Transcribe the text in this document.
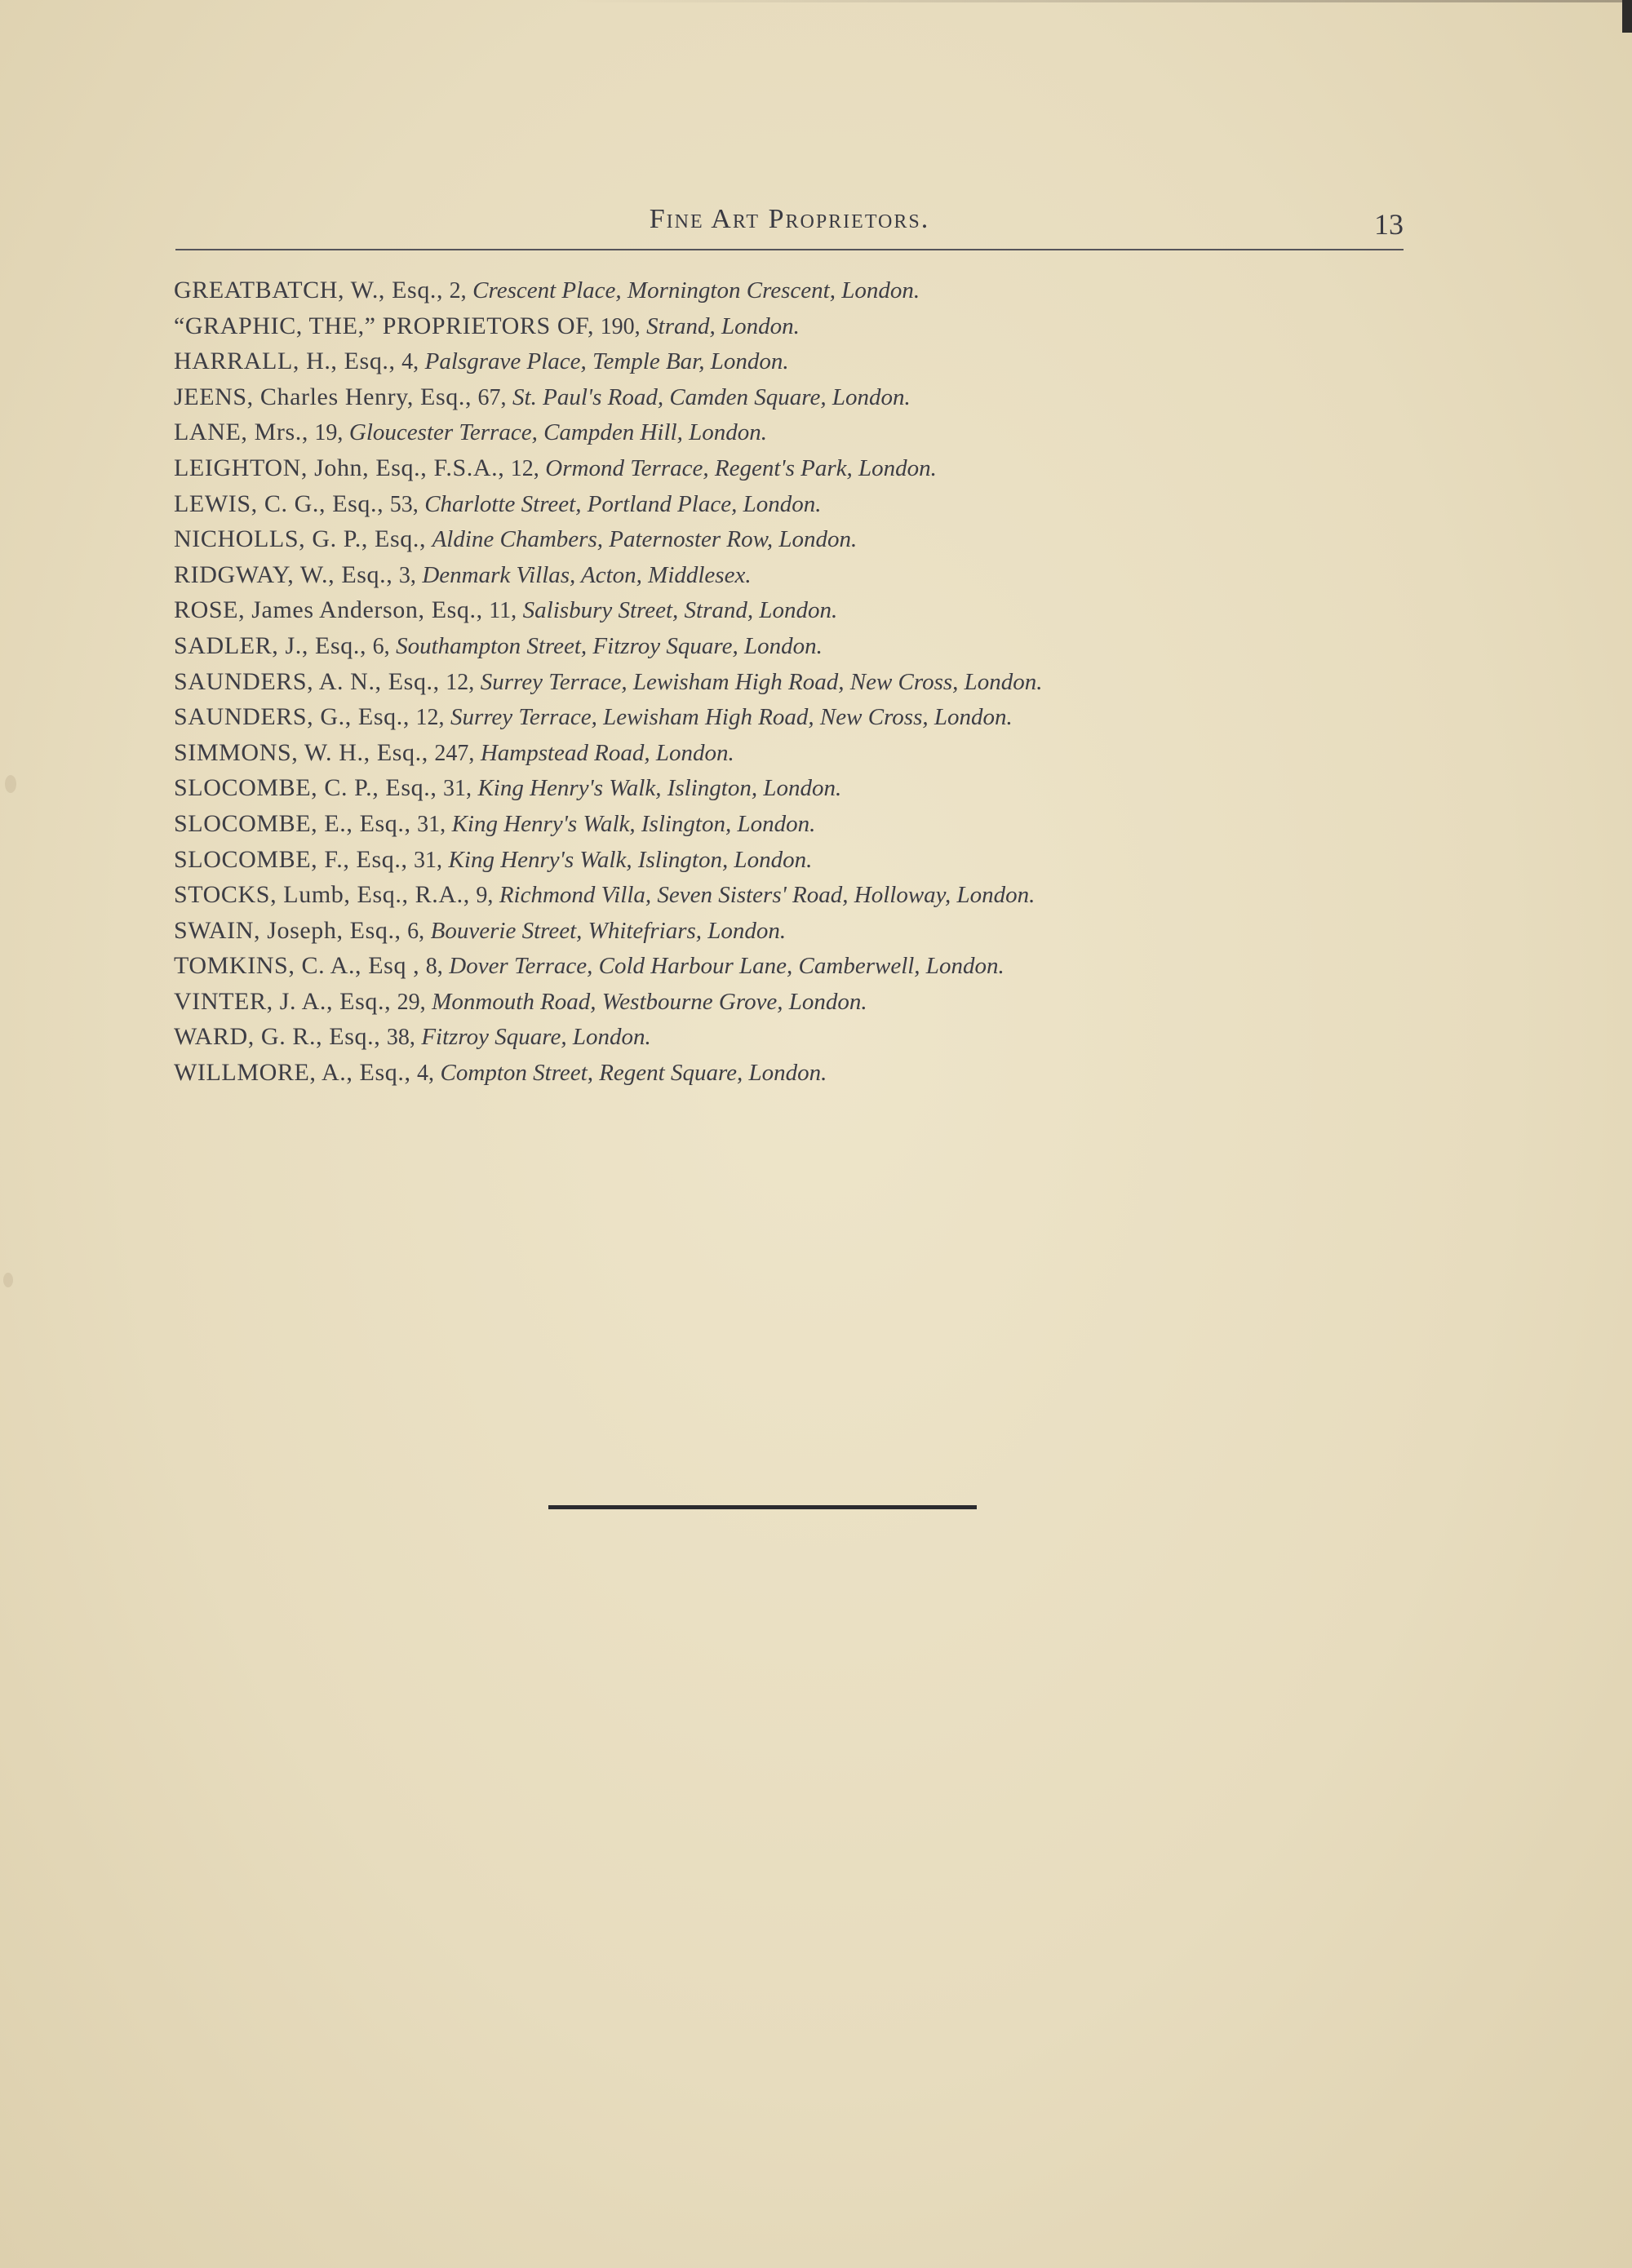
Fine Art Proprietors.	13
GREATBATCH, W., Esq., 2, Crescent Place, Mornington Crescent, London.
“GRAPHIC, THE,” PROPRIETORS OF, 190, Strand, London.
HARRALL, H., Esq., 4, Palsgrave Place, Temple Bar, London.
JEENS, Charles Henry, Esq., 67, St. Paul's Road, Camden Square, London.
LANE, Mrs., 19, Gloucester Terrace, Campden Hill, London.
LEIGHTON, John, Esq., F.S.A., 12, Ormond Terrace, Regent's Park, London.
LEWIS, C. G., Esq., 53, Charlotte Street, Portland Place, London.
NICHOLLS, G. P., Esq., Aldine Chambers, Paternoster Row, London.
RIDGWAY, W., Esq., 3, Denmark Villas, Acton, Middlesex.
ROSE, James Anderson, Esq., 11, Salisbury Street, Strand, London.
SADLER, J., Esq., 6, Southampton Street, Fitzroy Square, London.
SAUNDERS, A. N., Esq., 12, Surrey Terrace, Lewisham High Road, New Cross, London.
SAUNDERS, G., Esq., 12, Surrey Terrace, Lewisham High Road, New Cross, London.
SIMMONS, W. H., Esq., 247, Hampstead Road, London.
SLOCOMBE, C. P., Esq., 31, King Henry's Walk, Islington, London.
SLOCOMBE, E., Esq., 31, King Henry's Walk, Islington, London.
SLOCOMBE, F., Esq., 31, King Henry's Walk, Islington, London.
STOCKS, Lumb, Esq., R.A., 9, Richmond Villa, Seven Sisters' Road, Holloway, London.
SWAIN, Joseph, Esq., 6, Bouverie Street, Whitefriars, London.
TOMKINS, C. A., Esq , 8, Dover Terrace, Cold Harbour Lane, Camberwell, London.
VINTER, J. A., Esq., 29, Monmouth Road, Westbourne Grove, London.
WARD, G. R., Esq., 38, Fitzroy Square, London.
WILLMORE, A., Esq., 4, Compton Street, Regent Square, London.
